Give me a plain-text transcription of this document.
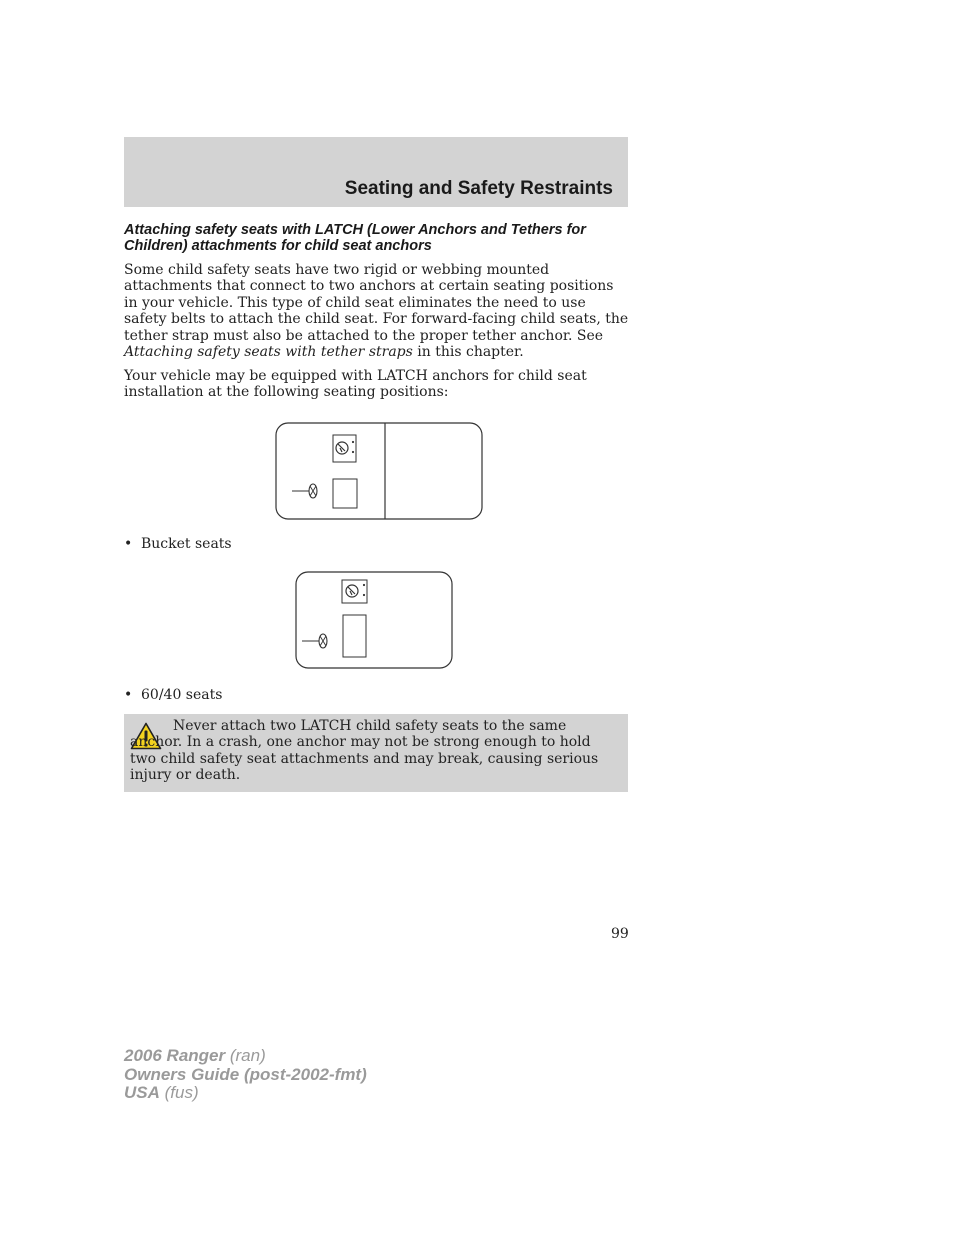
Seating and Safety Restraints
Attaching safety seats with LATCH (Lower Anchors and Tethers for Children) attachments for child seat anchors
Some child safety seats have two rigid or webbing mounted attachments that connect to two anchors at certain seating positions in your vehicle. This type of child seat eliminates the need to use safety belts to attach the child seat. For forward-facing child seats, the tether strap must also be attached to the proper tether anchor. See Attaching safety seats with tether straps in this chapter.
Your vehicle may be equipped with LATCH anchors for child seat installation at the following seating positions:
• Bucket seats
• 60/40 seats
Never attach two LATCH child safety seats to the same anchor. In a crash, one anchor may not be strong enough to hold two child safety seat attachments and may break, causing serious injury or death.
99
2006 Ranger (ran)
Owners Guide (post-2002-fmt)
USA (fus)
